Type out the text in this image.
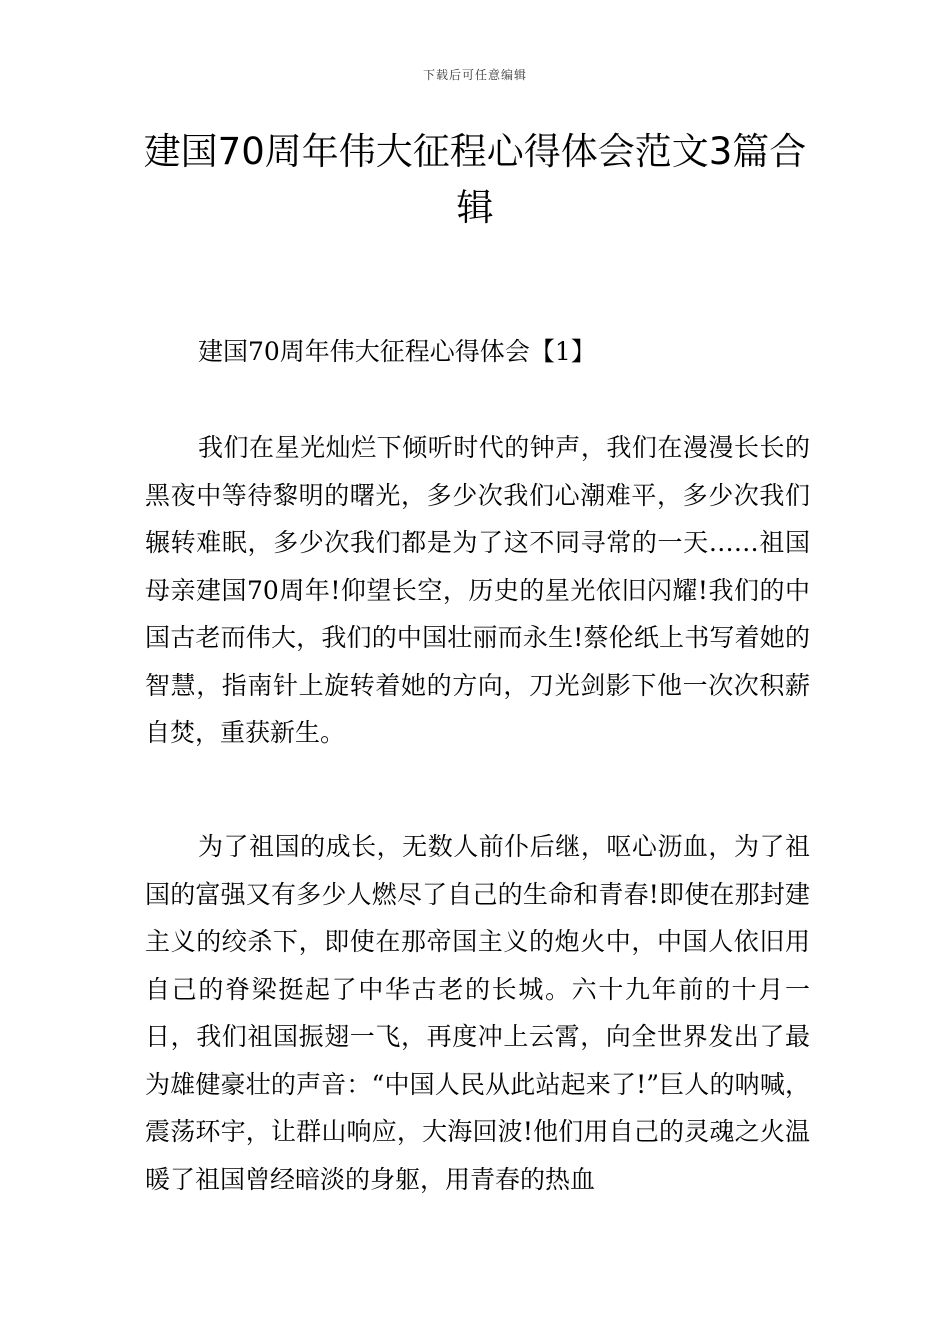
下载后可任意编辑
建国70周年伟大征程心得体会范文3篇合辑

建国70周年伟大征程心得体会【1】

我们在星光灿烂下倾听时代的钟声，我们在漫漫长长的黑夜中等待黎明的曙光，多少次我们心潮难平，多少次我们辗转难眠，多少次我们都是为了这不同寻常的一天……祖国母亲建国70周年!仰望长空，历史的星光依旧闪耀!我们的中国古老而伟大，我们的中国壮丽而永生!蔡伦纸上书写着她的智慧，指南针上旋转着她的方向，刀光剑影下他一次次积薪自焚，重获新生。

为了祖国的成长，无数人前仆后继，呕心沥血，为了祖国的富强又有多少人燃尽了自己的生命和青春!即使在那封建主义的绞杀下，即使在那帝国主义的炮火中，中国人依旧用自己的脊梁挺起了中华古老的长城。六十九年前的十月一日，我们祖国振翅一飞，再度冲上云霄，向全世界发出了最为雄健豪壮的声音：“中国人民从此站起来了!”巨人的呐喊，震荡环宇，让群山响应，大海回波!他们用自己的灵魂之火温暖了祖国曾经暗淡的身躯，用青春的热血
